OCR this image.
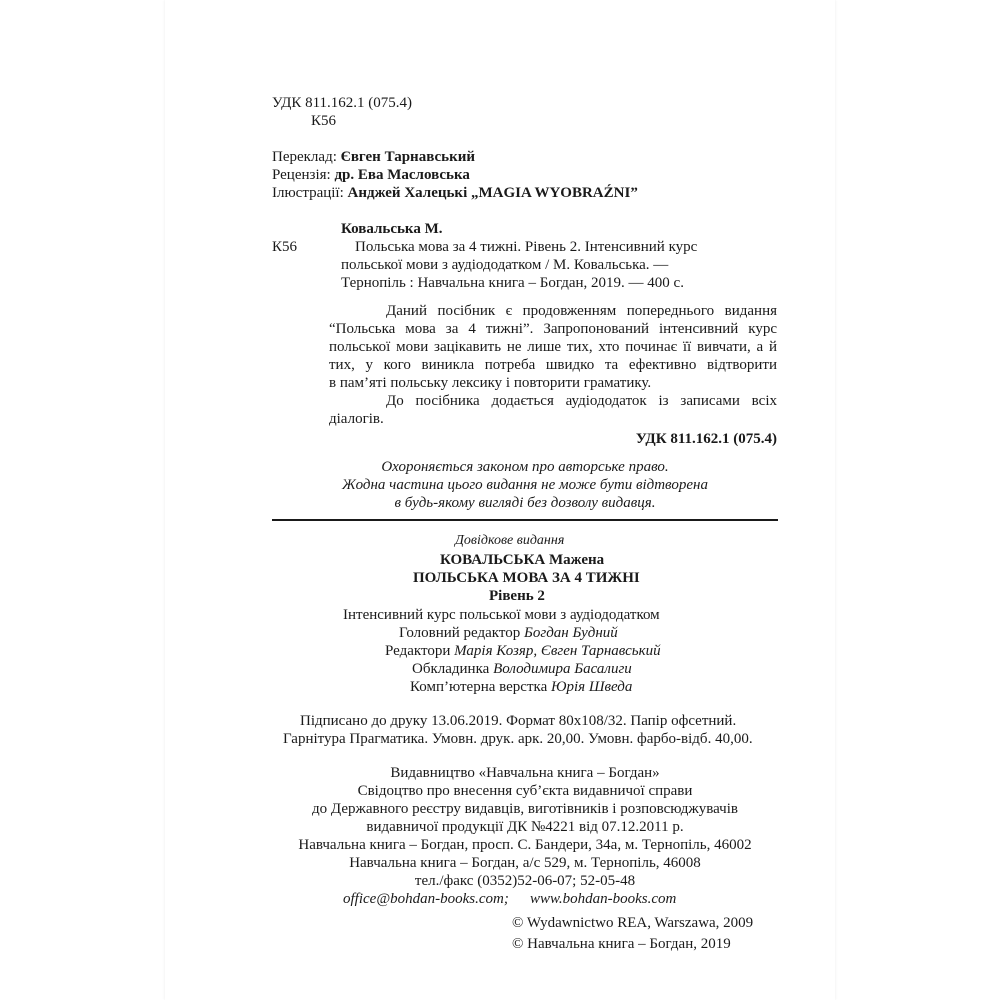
УДК 811.162.1 (075.4)
К56
Переклад: Євген Тарнавський
Рецензія: др. Ева Масловська
Ілюстрації: Анджей Халецькі „MAGIA WYOBRAŹNI”
Ковальська М.
К56	Польська мова за 4 тижні. Рівень 2. Інтенсивний курс
польської мови з аудіододатком / М. Ковальська. —
Тернопіль : Навчальна книга – Богдан, 2019. — 400 с.
Даний посібник є продовженням попереднього видання
“Польська мова за 4 тижні”. Запропонований інтенсивний курс
польської мови зацікавить не лише тих, хто починає її вивчати, а й
тих, у кого виникла потреба швидко та ефективно відтворити
в пам’яті польську лексику і повторити граматику.
До посібника додається аудіододаток із записами всіх
діалогів.
УДК 811.162.1 (075.4)
Охороняється законом про авторське право.
Жодна частина цього видання не може бути відтворена
в будь-якому вигляді без дозволу видавця.
Довідкове видання
КОВАЛЬСЬКА Мажена
ПОЛЬСЬКА МОВА ЗА 4 ТИЖНІ
Рівень 2
Інтенсивний курс польської мови з аудіододатком
Головний редактор Богдан Будний
Редактори Марія Козяр, Євген Тарнавський
Обкладинка Володимира Басалиги
Комп’ютерна верстка Юрія Шведа
Підписано до друку 13.06.2019. Формат 80x108/32. Папір офсетний.
Гарнітура Прагматика. Умовн. друк. арк. 20,00. Умовн. фарбо-відб. 40,00.
Видавництво «Навчальна книга – Богдан»
Свідоцтво про внесення суб’єкта видавничої справи
до Державного реєстру видавців, виготівників і розповсюджувачів
видавничої продукції ДК №4221 від 07.12.2011 р.
Навчальна книга – Богдан, просп. С. Бандери, 34а, м. Тернопіль, 46002
Навчальна книга – Богдан, а/с 529, м. Тернопіль, 46008
тел./факс (0352)52-06-07; 52-05-48
office@bohdan-books.com; www.bohdan-books.com
© Wydawnictwo REA, Warszawa, 2009
© Навчальна книга – Богдан, 2019
